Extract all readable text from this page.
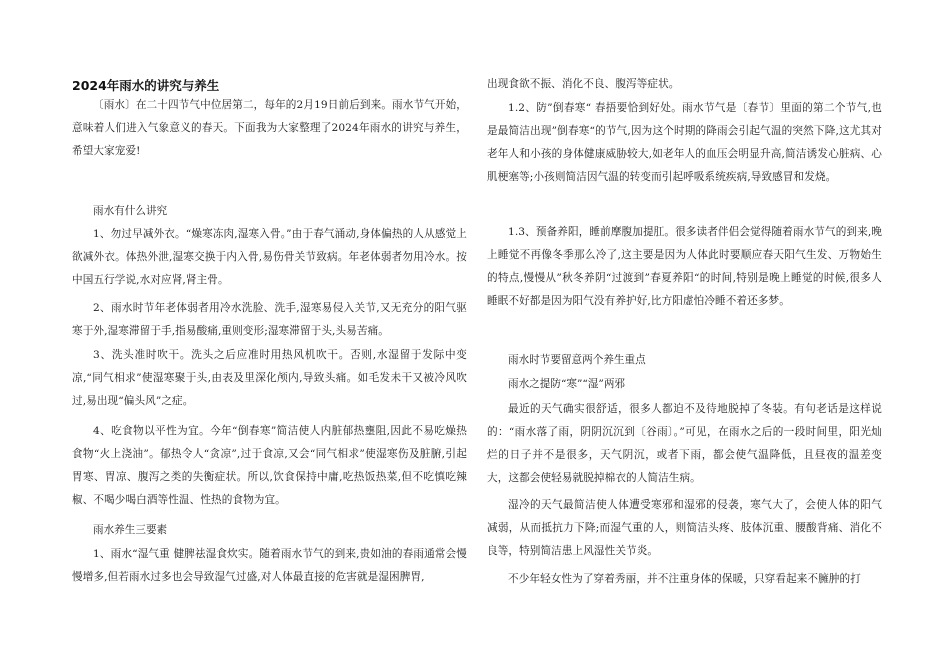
2024年雨水的讲究与养生
〔雨水〕在二十四节气中位居第二，每年的2月19日前后到来。雨水节气开始，意味着人们进入气象意义的春天。下面我为大家整理了2024年雨水的讲究与养生，希望大家宠爱!
雨水有什么讲究
1、勿过早减外衣。“燥寒冻肉,湿寒入骨。”由于春气涌动,身体偏热的人从感觉上欲减外衣。体热外泄,湿寒交换于内入骨,易伤骨关节致病。年老体弱者勿用冷水。按中国五行学说,水对应肾,肾主骨。
2、雨水时节年老体弱者用冷水洗脸、洗手,湿寒易侵入关节,又无充分的阳气驱寒于外,湿寒滞留于手,指易酸痛,重则变形;湿寒滞留于头,头易苦痛。
3、洗头准时吹干。洗头之后应准时用热风机吹干。否则,水湿留于发际中变凉,“同气相求”使湿寒聚于头,由表及里深化颅内,导致头痛。如毛发未干又被冷风吹过,易出现“偏头风”之症。
4、吃食物以平性为宜。今年“倒春寒”简洁使人内脏郁热壅阻,因此不易吃燥热食物“火上浇油”。郁热令人“贪凉”,过于食凉,又会“同气相求”使湿寒伤及脏腑,引起胃寒、胃凉、腹泻之类的失衡症状。所以,饮食保持中庸,吃热饭热菜,但不吃慎吃辣椒、不喝少喝白酒等性温、性热的食物为宜。
雨水养生三要素
1、雨水“湿气重 健脾祛湿食炊实。随着雨水节气的到来,贵如油的春雨通常会慢慢增多,但若雨水过多也会导致湿气过盛,对人体最直接的危害就是湿困脾胃,
出现食欲不振、消化不良、腹泻等症状。
1.2、防”倒春寒“ 春捂要恰到好处。雨水节气是〔春节〕里面的第二个节气,也是最简洁出现”倒春寒“的节气,因为这个时期的降雨会引起气温的突然下降,这尤其对老年人和小孩的身体健康威胁较大,如老年人的血压会明显升高,简洁诱发心脏病、心肌梗塞等;小孩则简洁因气温的转变而引起呼吸系统疾病,导致感冒和发烧。
1.3、预备养阳，睡前摩腹加提肛。很多读者伴侣会觉得随着雨水节气的到来,晚上睡觉不再像冬季那么冷了,这主要是因为人体此时要顺应春天阳气生发、万物始生的特点,慢慢从”秋冬养阴“过渡到”春夏养阳“的时间,特别是晚上睡觉的时候,很多人睡眠不好都是因为阳气没有养护好,比方阳虚怕冷睡不着还多梦。
雨水时节要留意两个养生重点
雨水之提防“寒”“湿”两邪
最近的天气确实很舒适，很多人都迫不及待地脱掉了冬装。有句老话是这样说的：“雨水落了雨，阴阴沉沉到〔谷雨〕。”可见，在雨水之后的一段时间里，阳光灿烂的日子并不是很多，天气阴沉，或者下雨，都会使气温降低，且昼夜的温差变大，这都会使轻易就脱掉棉衣的人简洁生病。
湿冷的天气最简洁使人体遭受寒邪和湿邪的侵袭，寒气大了，会使人体的阳气减弱，从而抵抗力下降;而湿气重的人，则简洁头疼、肢体沉重、腰酸背痛、消化不良等，特别简洁患上风湿性关节炎。
不少年轻女性为了穿着秀丽，并不注重身体的保暖，只穿看起来不臃肿的打
